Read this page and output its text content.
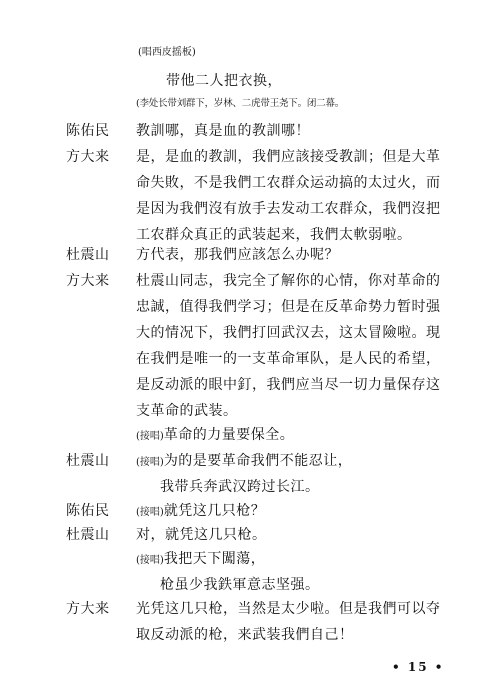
(唱西皮摇板)
带他二人把衣换，
(李处长带刘群下，岁林、二虎带王尧下。闭二幕。
陈佑民 教訓哪，真是血的教訓哪！
方大来 是，是血的教訓，我們应該接受教訓；但是大革
命失敗，不是我們工农群众运动搞的太过火，而
是因为我們沒有放手去发动工农群众，我們沒把
工农群众真正的武装起来，我們太軟弱啦。
杜震山 方代表，那我們应該怎么办呢？
方大来 杜震山同志，我完全了解你的心情，你对革命的
忠誠，值得我們学习；但是在反革命势力暂时强
大的情况下，我們打回武汉去，这太冒險啦。現
在我們是唯一的一支革命軍队，是人民的希望，
是反动派的眼中釘，我們应当尽一切力量保存这
支革命的武装。
(接唱)革命的力量要保全。
杜震山	(接唱)为的是要革命我們不能忍让，
我带兵奔武汉跨过长江。
陈佑民	(接唱)就凭这几只枪？
杜震山 对，就凭这几只枪。
(接唱)我把天下闖蕩，
枪虽少我鉄軍意志坚强。
方大来 光凭这几只枪，当然是太少啦。但是我們可以夺
取反动派的枪，来武装我們自己！
• 15 •
